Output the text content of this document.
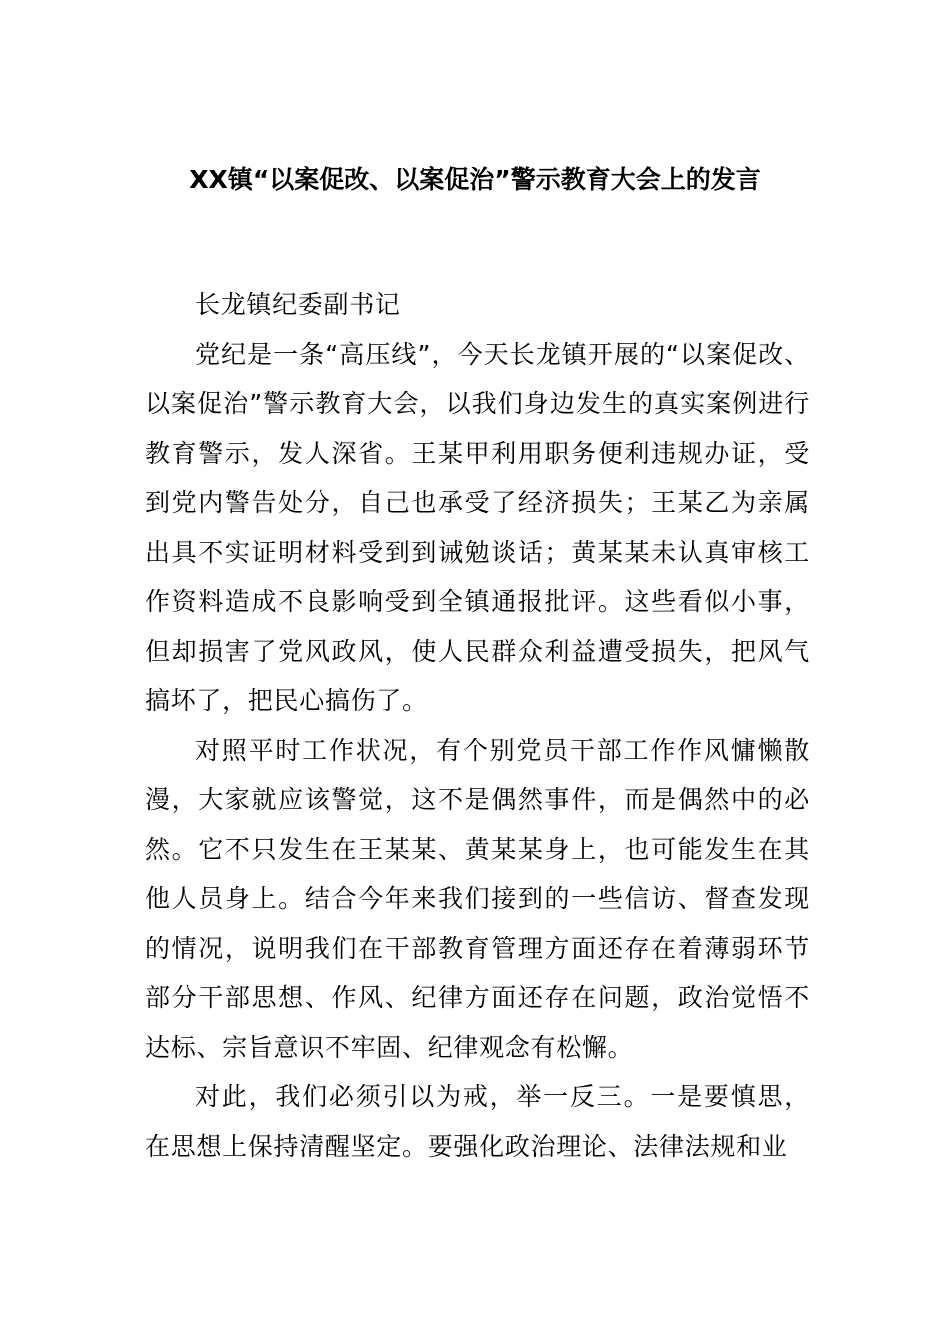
XX镇“以案促改、以案促治”警示教育大会上的发言

长龙镇纪委副书记

党纪是一条“高压线”，今天长龙镇开展的“以案促改、以案促治”警示教育大会，以我们身边发生的真实案例进行教育警示，发人深省。王某甲利用职务便利违规办证，受到党内警告处分，自己也承受了经济损失；王某乙为亲属出具不实证明材料受到到诫勉谈话；黄某某未认真审核工作资料造成不良影响受到全镇通报批评。这些看似小事，但却损害了党风政风，使人民群众利益遭受损失，把风气搞坏了，把民心搞伤了。

对照平时工作状况，有个别党员干部工作作风慵懒散漫，大家就应该警觉，这不是偶然事件，而是偶然中的必然。它不只发生在王某某、黄某某身上，也可能发生在其他人员身上。结合今年来我们接到的一些信访、督查发现的情况，说明我们在干部教育管理方面还存在着薄弱环节部分干部思想、作风、纪律方面还存在问题，政治觉悟不达标、宗旨意识不牢固、纪律观念有松懈。

对此，我们必须引以为戒，举一反三。一是要慎思，在思想上保持清醒坚定。要强化政治理论、法律法规和业
